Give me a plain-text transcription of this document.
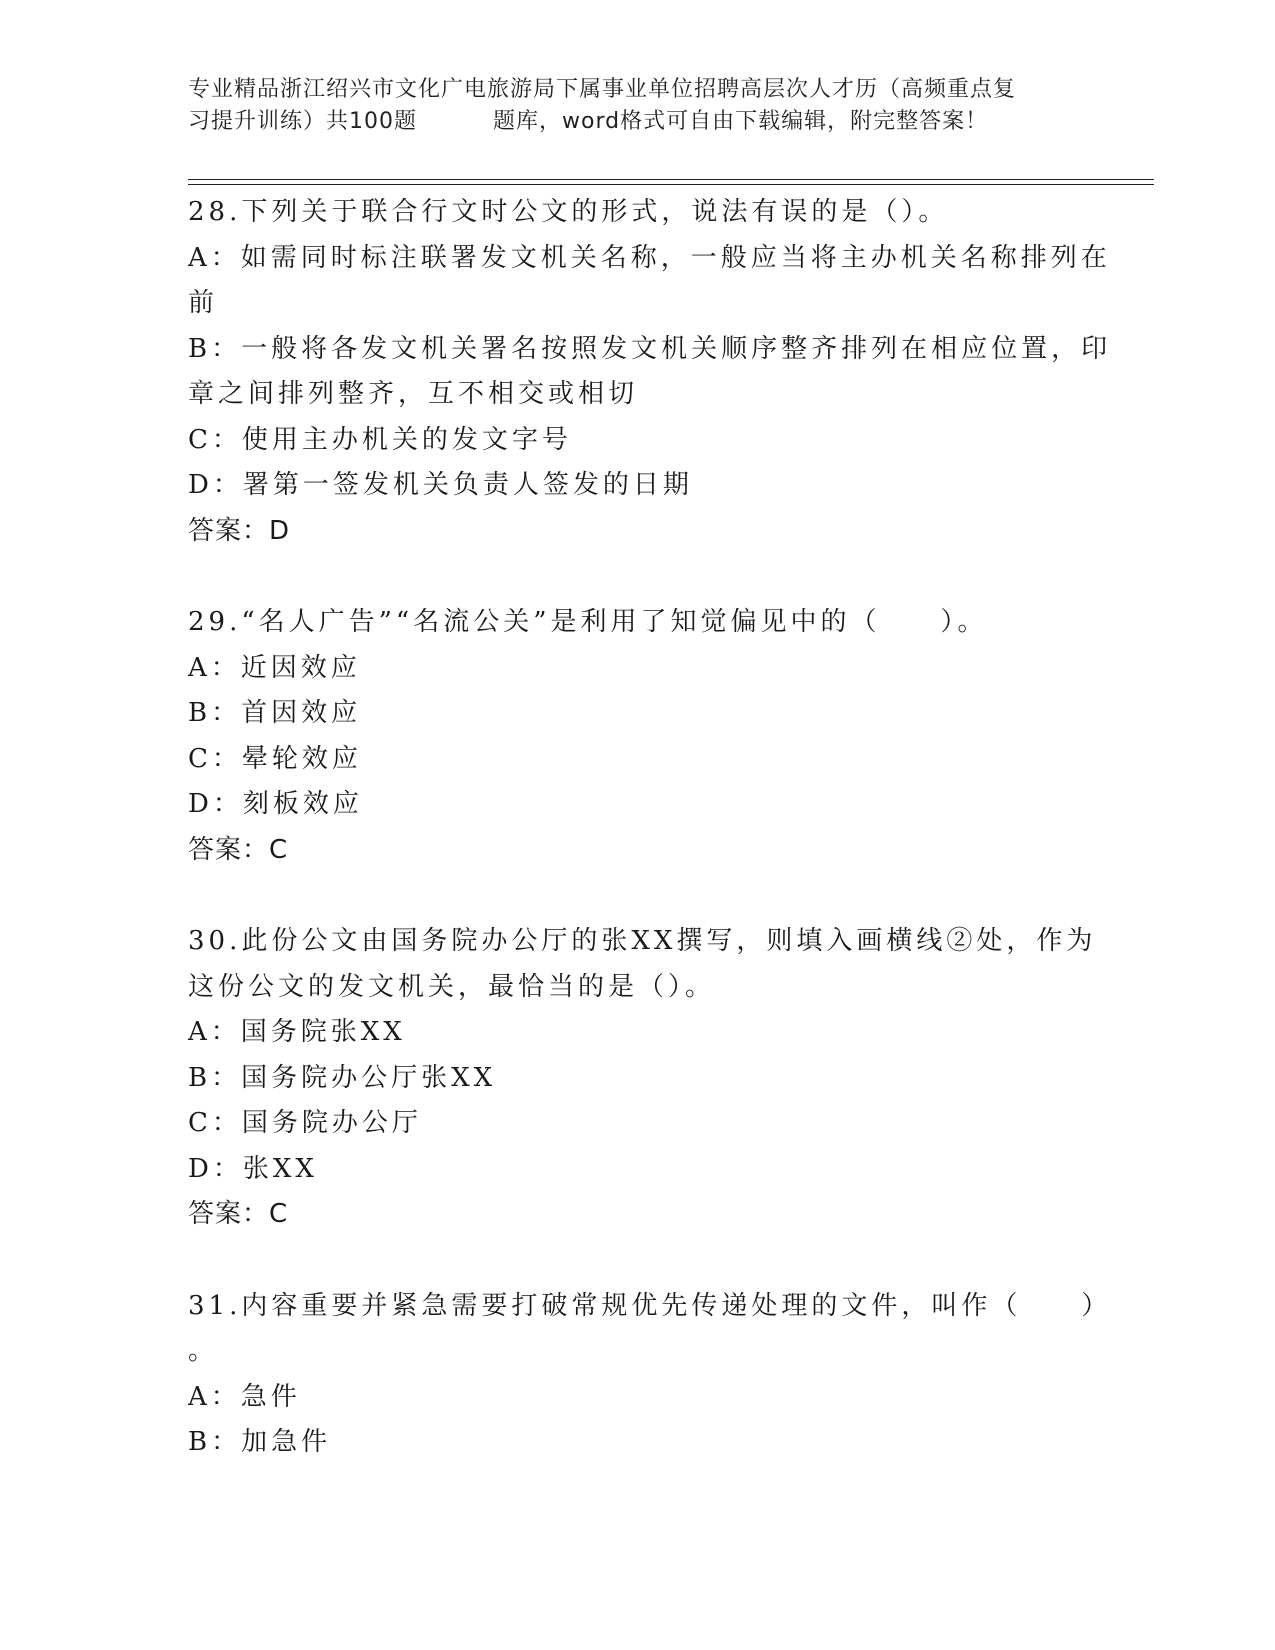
专业精品浙江绍兴市文化广电旅游局下属事业单位招聘高层次人才历（高频重点复
习提升训练）共100题	题库，word格式可自由下载编辑，附完整答案！
28.下列关于联合行文时公文的形式，说法有误的是（）。
A：如需同时标注联署发文机关名称，一般应当将主办机关名称排列在
前
B：一般将各发文机关署名按照发文机关顺序整齐排列在相应位置，印
章之间排列整齐，互不相交或相切
C：使用主办机关的发文字号
D：署第一签发机关负责人签发的日期
答案：D
29.“名人广告”“名流公关”是利用了知觉偏见中的（　　）。
A：近因效应
B：首因效应
C：晕轮效应
D：刻板效应
答案：C
30.此份公文由国务院办公厅的张XX撰写，则填入画横线②处，作为
这份公文的发文机关，最恰当的是（）。
A：国务院张XX
B：国务院办公厅张XX
C：国务院办公厅
D：张XX
答案：C
31.内容重要并紧急需要打破常规优先传递处理的文件，叫作（　　）
。
A：急件
B：加急件
